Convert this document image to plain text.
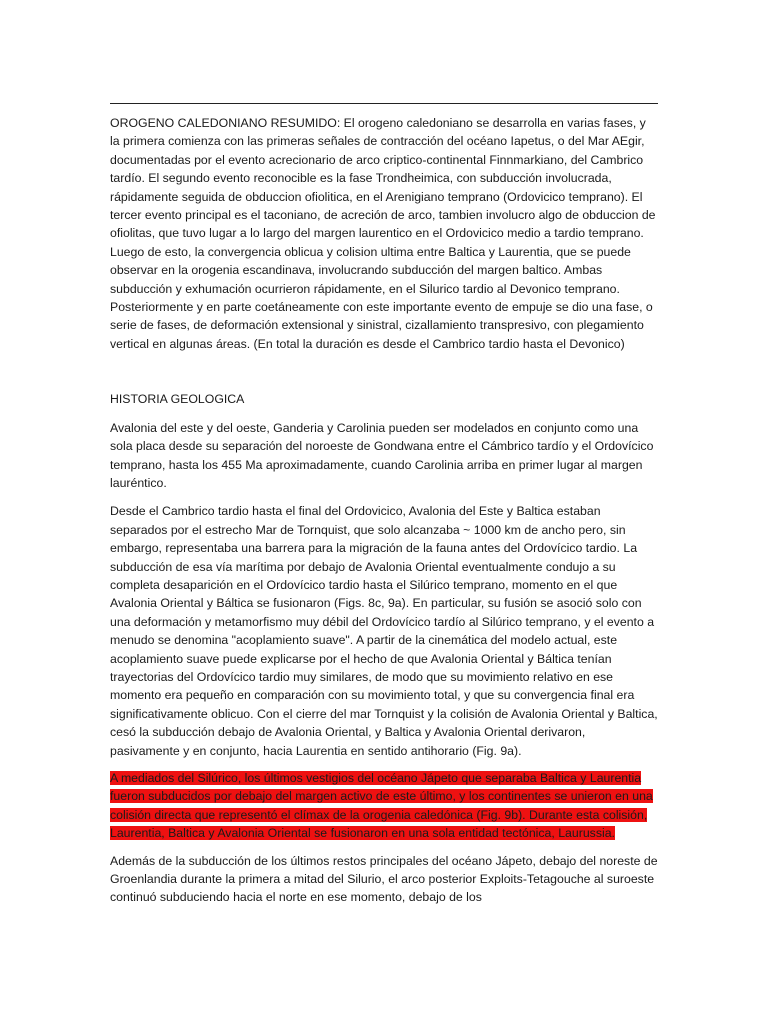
OROGENO CALEDONIANO RESUMIDO: El orogeno caledoniano se desarrolla en varias fases, y la primera comienza con las primeras señales de contracción del océano Iapetus, o del Mar AEgir, documentadas por el evento acrecionario de arco criptico-continental Finnmarkiano, del Cambrico tardío. El segundo evento reconocible es la fase Trondheimica, con subducción involucrada, rápidamente seguida de obduccion ofiolitica, en el Arenigiano temprano (Ordovicico temprano). El tercer evento principal es el taconiano, de acreción de arco, tambien involucro algo de obduccion de ofiolitas, que tuvo lugar a lo largo del margen laurentico en el Ordovicico medio a tardio temprano. Luego de esto, la convergencia oblicua y colision ultima entre Baltica y Laurentia, que se puede observar en la orogenia escandinava, involucrando subducción del margen baltico. Ambas subducción y exhumación ocurrieron rápidamente, en el Silurico tardio al Devonico temprano. Posteriormente y en parte coetáneamente con este importante evento de empuje se dio una fase, o serie de fases, de deformación extensional y sinistral, cizallamiento transpresivo, con plegamiento vertical en algunas áreas. (En total la duración es desde el Cambrico tardio hasta el Devonico)

HISTORIA GEOLOGICA

Avalonia del este y del oeste, Ganderia y Carolinia pueden ser modelados en conjunto como una sola placa desde su separación del noroeste de Gondwana entre el Cámbrico tardío y el Ordovícico temprano, hasta los 455 Ma aproximadamente, cuando Carolinia arriba en primer lugar al margen lauréntico.

Desde el Cambrico tardio hasta el final del Ordovicico, Avalonia del Este y Baltica estaban separados por el estrecho Mar de Tornquist, que solo alcanzaba ~ 1000 km de ancho pero, sin embargo, representaba una barrera para la migración de la fauna antes del Ordovícico tardio. La subducción de esa vía marítima por debajo de Avalonia Oriental eventualmente condujo a su completa desaparición en el Ordovícico tardio hasta el Silúrico temprano, momento en el que Avalonia Oriental y Báltica se fusionaron (Figs. 8c, 9a). En particular, su fusión se asoció solo con una deformación y metamorfismo muy débil del Ordovícico tardío al Silúrico temprano, y el evento a menudo se denomina "acoplamiento suave". A partir de la cinemática del modelo actual, este acoplamiento suave puede explicarse por el hecho de que Avalonia Oriental y Báltica tenían trayectorias del Ordovícico tardio muy similares, de modo que su movimiento relativo en ese momento era pequeño en comparación con su movimiento total, y que su convergencia final era significativamente oblicuo. Con el cierre del mar Tornquist y la colisión de Avalonia Oriental y Baltica, cesó la subducción debajo de Avalonia Oriental, y Baltica y Avalonia Oriental derivaron, pasivamente y en conjunto, hacia Laurentia en sentido antihorario (Fig. 9a).

A mediados del Silúrico, los últimos vestigios del océano Jápeto que separaba Baltica y Laurentia fueron subducidos por debajo del margen activo de este último, y los continentes se unieron en una colisión directa que representó el clímax de la orogenia caledónica (Fig. 9b). Durante esta colisión, Laurentia, Baltica y Avalonia Oriental se fusionaron en una sola entidad tectónica, Laurussia.

Además de la subducción de los últimos restos principales del océano Jápeto, debajo del noreste de Groenlandia durante la primera a mitad del Silurio, el arco posterior Exploits-Tetagouche al suroeste continuó subduciendo hacia el norte en ese momento, debajo de los
